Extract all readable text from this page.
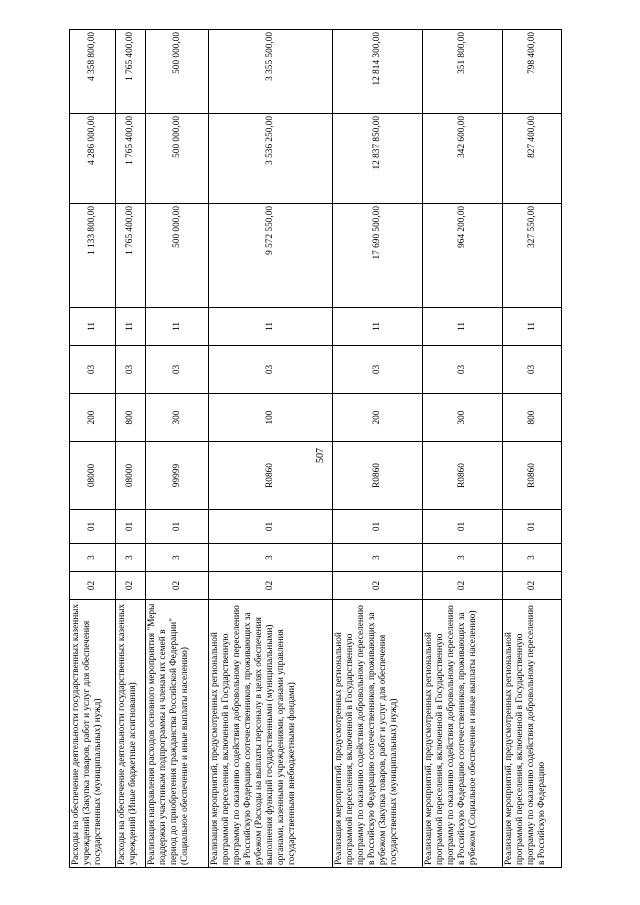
507
Расходы на обеспечение деятельности государственных казенных учреждений (Закупка товаров, работ и услуг для обеспечения государственных (муниципальных) нужд)	02	3	01	08000	200	03	11	1 133 800,00	4 286 000,00	4 358 800,00
Расходы на обеспечение деятельности государственных казенных учреждений (Иные бюджетные ассигнования)	02	3	01	08000	800	03	11	1 765 400,00	1 765 400,00	1 765 400,00
Реализация направления расходов основного мероприятия "Меры поддержки участникам подпрограммы и членам их семей в период до приобретения гражданства Российской Федерации" (Социальное обеспечение и иные выплаты населению)	02	3	01	99999	300	03	11	500 000,00	500 000,00	500 000,00
Реализация мероприятий, предусмотренных региональной программой переселения, включенной в Государственную программу по оказанию содействия добровольному переселению в Российскую Федерацию соотечественников, проживающих за рубежом (Расходы на выплаты персоналу в целях обеспечения выполнения функций государственными (муниципальными) органами, казенными учреждениями, органами управления государственными внебюджетными фондами)	02	3	01	R0860	100	03	11	9 572 550,00	3 536 250,00	3 355 500,00
Реализация мероприятий, предусмотренных региональной программой переселения, включенной в Государственную программу по оказанию содействия добровольному переселению в Российскую Федерацию соотечественников, проживающих за рубежом (Закупка товаров, работ и услуг для обеспечения государственных (муниципальных) нужд)	02	3	01	R0860	200	03	11	17 690 500,00	12 837 850,00	12 814 300,00
Реализация мероприятий, предусмотренных региональной программой переселения, включенной в Государственную программу по оказанию содействия добровольному переселению в Российскую Федерацию соотечественников, проживающих за рубежом (Социальное обеспечение и иные выплаты населению)	02	3	01	R0860	300	03	11	964 200,00	342 600,00	351 800,00
Реализация мероприятий, предусмотренных региональной программой переселения, включенной в Государственную программу по оказанию содействия добровольному переселению в Российскую Федерацию	02	3	01	R0860	800	03	11	327 550,00	827 400,00	798 400,00
